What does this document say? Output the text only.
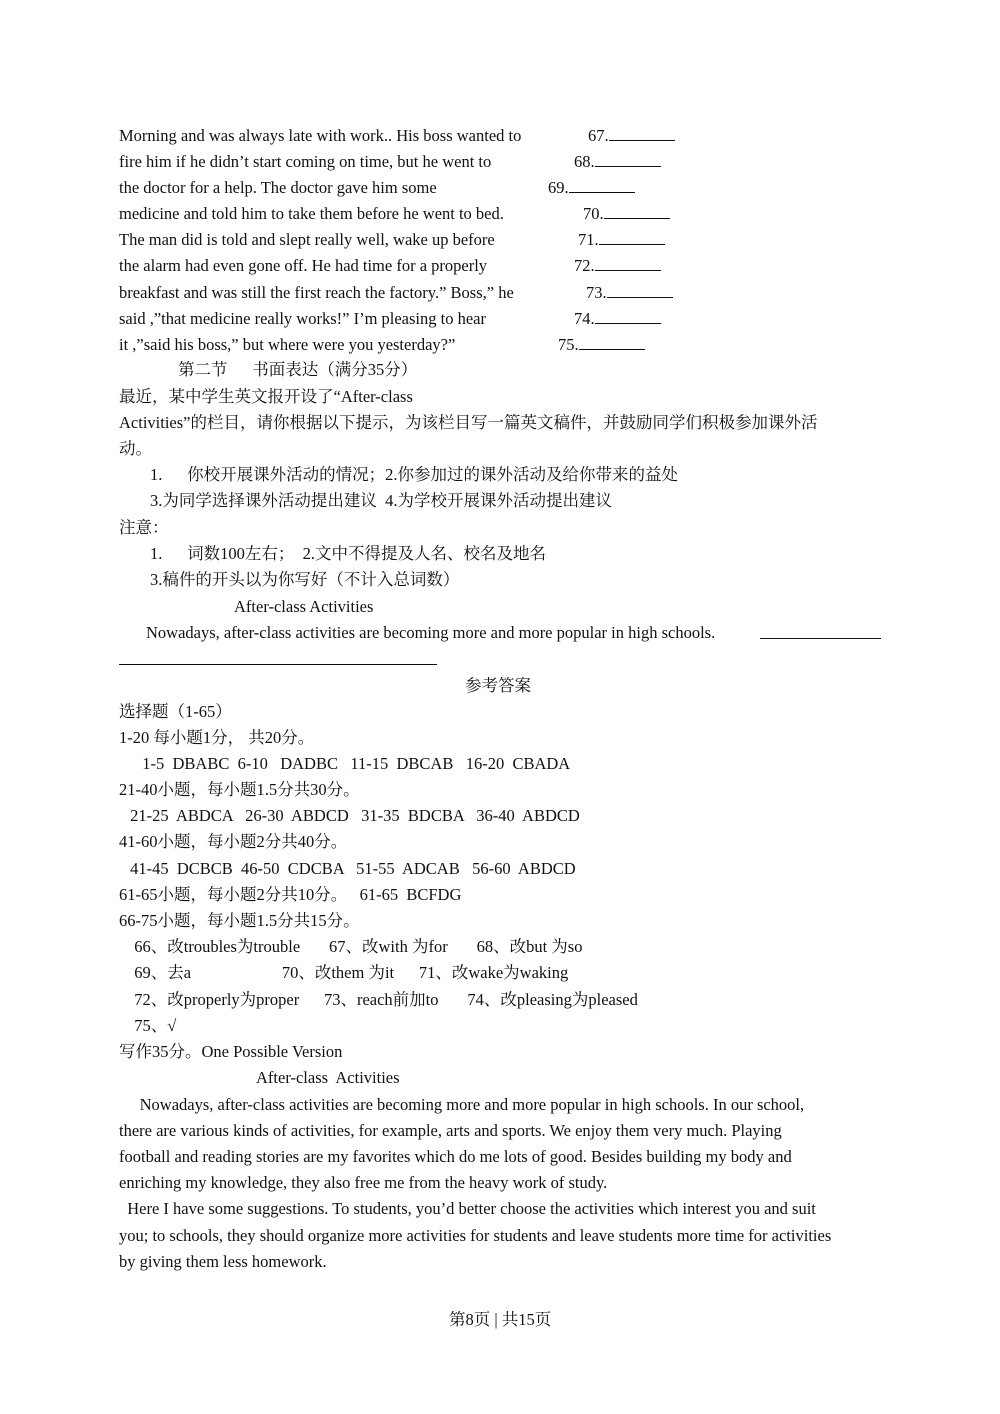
Morning and was always late with work.. His boss wanted to
fire him if he didn’t start coming on time, but he went to
the doctor for a help. The doctor gave him some
medicine and told him to take them before he went to bed.
The man did is told and slept really well, wake up before
the alarm had even gone off. He had time for a properly
breakfast and was still the first reach the factory.” Boss,” he
said ,”that medicine really works!” I’m pleasing to hear
it ,”said his boss,” but where were you yesterday?”
67.
68.
69.
70.
71.
72.
73.
74.
75.
第二节      书面表达（满分35分）
最近，某中学生英文报开设了“After-class
Activities”的栏目，请你根据以下提示，为该栏目写一篇英文稿件，并鼓励同学们积极参加课外活
动。
1.      你校开展课外活动的情况；2.你参加过的课外活动及给你带来的益处
3.为同学选择课外活动提出建议  4.为学校开展课外活动提出建议
注意：
1.      词数100左右；  2.文中不得提及人名、校名及地名
3.稿件的开头以为你写好（不计入总词数）
After-class Activities
Nowadays, after-class activities are becoming more and more popular in high schools.
参考答案
选择题（1-65）
1-20 每小题1分， 共20分。
1-5  DBABC  6-10   DADBC   11-15  DBCAB   16-20  CBADA
21-40小题，每小题1.5分共30分。
21-25  ABDCA   26-30  ABDCD   31-35  BDCBA   36-40  ABDCD
41-60小题，每小题2分共40分。
41-45  DCBCB  46-50  CDCBA   51-55  ADCAB   56-60  ABDCD
61-65小题，每小题2分共10分。   61-65  BCFDG
66-75小题，每小题1.5分共15分。
66、改troubles为trouble       67、改with 为for       68、改but 为so
69、去a                      70、改them 为it      71、改wake为waking
72、改properly为proper      73、reach前加to       74、改pleasing为pleased
75、√
写作35分。One Possible Version
After-class  Activities
Nowadays, after-class activities are becoming more and more popular in high schools. In our school,
there are various kinds of activities, for example, arts and sports. We enjoy them very much. Playing
football and reading stories are my favorites which do me lots of good. Besides building my body and
enriching my knowledge, they also free me from the heavy work of study.
Here I have some suggestions. To students, you’d better choose the activities which interest you and suit
you; to schools, they should organize more activities for students and leave students more time for activities
by giving them less homework.
第8页 | 共15页
